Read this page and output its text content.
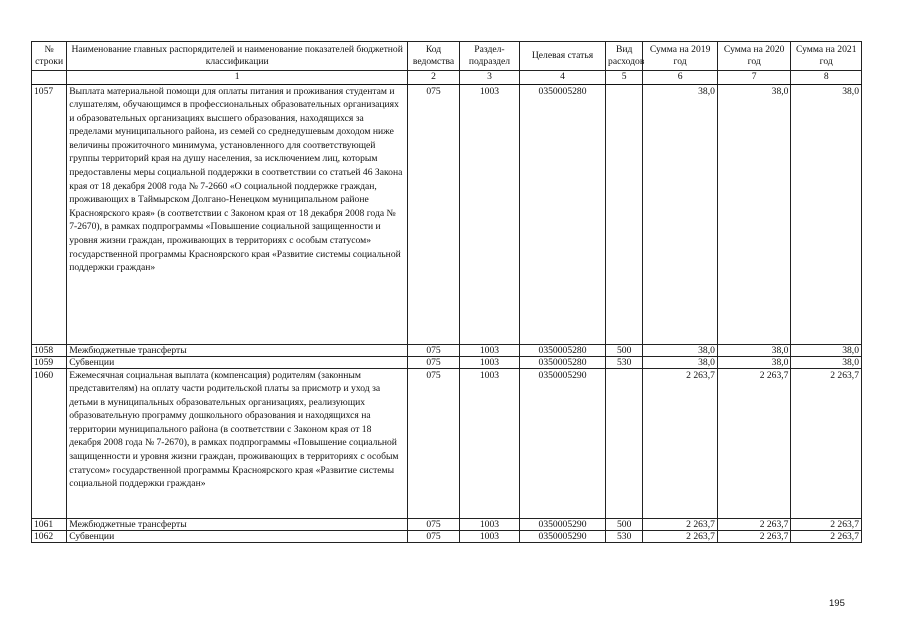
№ строки	Наименование главных распорядителей и наименование показателей бюджетной классификации	Код ведомства	Раздел-подраздел	Целевая статья	Вид расходов	Сумма на 2019 год	Сумма на 2020 год	Сумма на 2021 год
	1	2	3	4	5	6	7	8
1057	Выплата материальной помощи для оплаты питания и проживания студентам и слушателям, обучающимся в профессиональных образовательных организациях и образовательных организациях высшего образования, находящихся за пределами муниципального района, из семей со среднедушевым доходом ниже величины прожиточного минимума, установленного для соответствующей группы территорий края на душу населения, за исключением лиц, которым предоставлены меры социальной поддержки в соответствии со статьей 46 Закона края от 18 декабря 2008 года № 7-2660 «О социальной поддержке граждан, проживающих в Таймырском Долгано-Ненецком муниципальном районе Красноярского края» (в соответствии с Законом края от 18 декабря 2008 года № 7-2670), в рамках подпрограммы «Повышение социальной защищенности и уровня жизни граждан, проживающих в территориях с особым статусом» государственной программы Красноярского края «Развитие системы социальной поддержки граждан»	075	1003	0350005280		38,0	38,0	38,0
1058	Межбюджетные трансферты	075	1003	0350005280	500	38,0	38,0	38,0
1059	Субвенции	075	1003	0350005280	530	38,0	38,0	38,0
1060	Ежемесячная социальная выплата (компенсация) родителям (законным представителям) на оплату части родительской платы за присмотр и уход за детьми в муниципальных образовательных организациях, реализующих образовательную программу дошкольного образования и находящихся на территории муниципального района (в соответствии с Законом края от 18 декабря 2008 года № 7-2670), в рамках подпрограммы «Повышение социальной защищенности и уровня жизни граждан, проживающих в территориях с особым статусом» государственной программы Красноярского края «Развитие системы социальной поддержки граждан»	075	1003	0350005290		2 263,7	2 263,7	2 263,7
1061	Межбюджетные трансферты	075	1003	0350005290	500	2 263,7	2 263,7	2 263,7
1062	Субвенции	075	1003	0350005290	530	2 263,7	2 263,7	2 263,7
195
